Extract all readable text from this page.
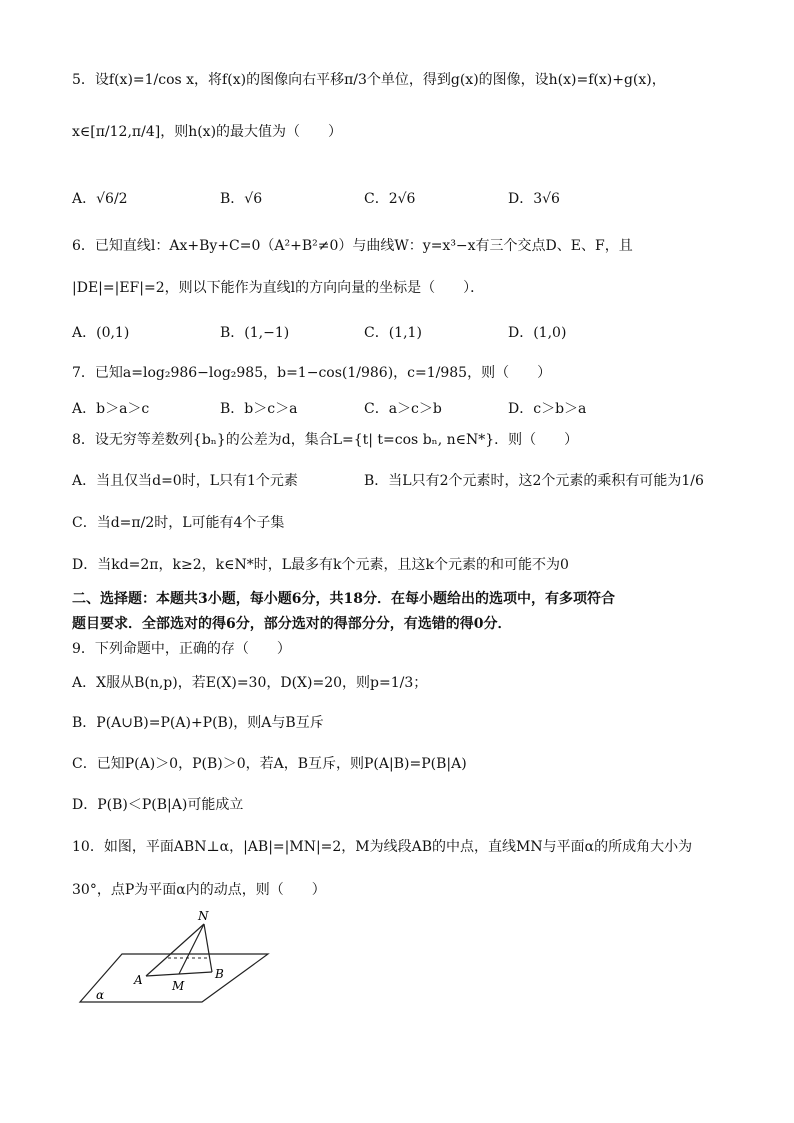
5．设f(x)=1/cos x，将f(x)的图像向右平移π/3个单位，得到g(x)的图像，设h(x)=f(x)+g(x)，
x∈[π/12,π/4]，则h(x)的最大值为（　　）
A．√6/2	B．√6	C．2√6	D．3√6
6．已知直线l：Ax+By+C=0（A²+B²≠0）与曲线W：y=x³−x有三个交点D、E、F，且
|DE|=|EF|=2，则以下能作为直线l的方向向量的坐标是（　　）．
A．(0,1)	B．(1,−1)	C．(1,1)	D．(1,0)
7．已知a=log₂986−log₂985，b=1−cos(1/986)，c=1/985，则（　　）
A．b＞a＞c	B．b＞c＞a	C．a＞c＞b	D．c＞b＞a
8．设无穷等差数列{bₙ}的公差为d，集合L={t| t=cos bₙ, n∈N*}．则（　　）
A．当且仅当d=0时，L只有1个元素	B．当L只有2个元素时，这2个元素的乘积有可能为1/6
C．当d=π/2时，L可能有4个子集
D．当kd=2π，k≥2，k∈N*时，L最多有k个元素，且这k个元素的和可能不为0
二、选择题：本题共3小题，每小题6分，共18分．在每小题给出的选项中，有多项符合
题目要求．全部选对的得6分，部分选对的得部分分，有选错的得0分．
9．下列命题中，正确的存（　　）
A．X服从B(n,p)，若E(X)=30，D(X)=20，则p=1/3；
B．P(A∪B)=P(A)+P(B)，则A与B互斥
C．已知P(A)＞0，P(B)＞0，若A，B互斥，则P(A|B)=P(B|A)
D．P(B)＜P(B|A)可能成立
10．如图，平面ABN⊥α，|AB|=|MN|=2，M为线段AB的中点，直线MN与平面α的所成角大小为
30°，点P为平面α内的动点，则（　　）
N
A	B
M
α
